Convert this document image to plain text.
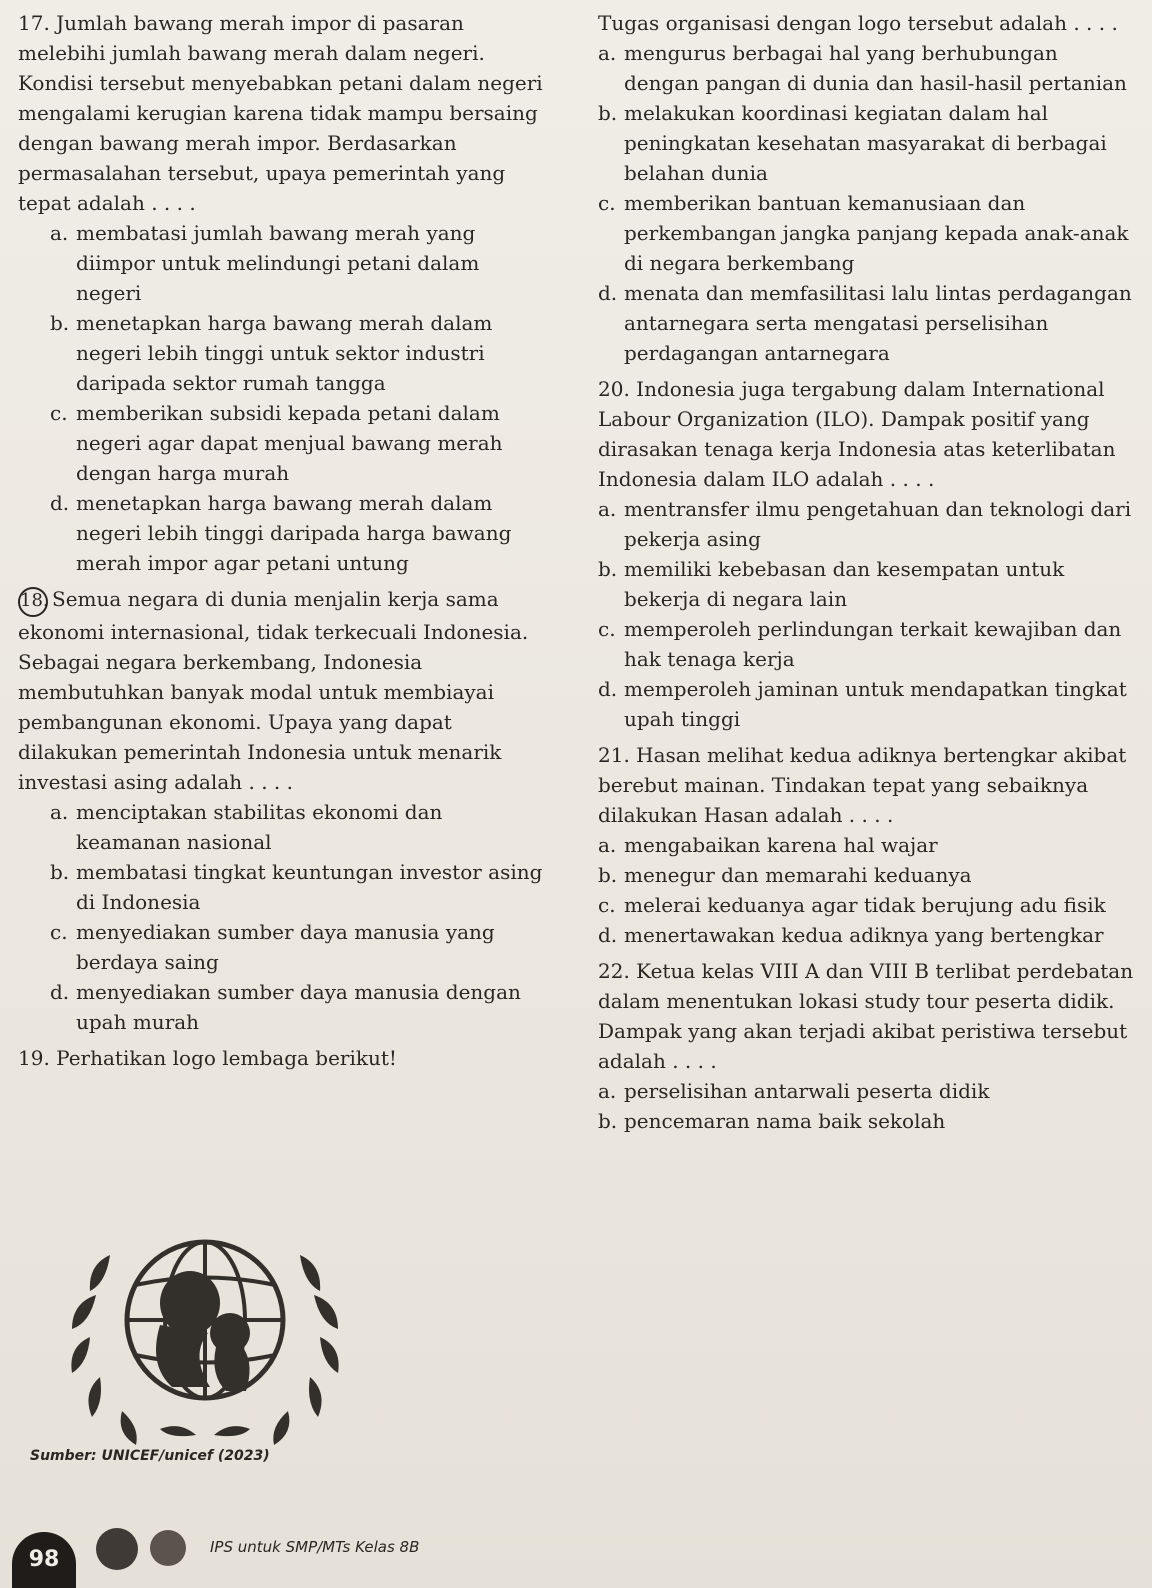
17. Jumlah bawang merah impor di pasaran melebihi jumlah bawang merah dalam negeri. Kondisi tersebut menyebabkan petani dalam negeri mengalami kerugian karena tidak mampu bersaing dengan bawang merah impor. Berdasarkan permasalahan tersebut, upaya pemerintah yang tepat adalah . . . .
a. membatasi jumlah bawang merah yang diimpor untuk melindungi petani dalam negeri
b. menetapkan harga bawang merah dalam negeri lebih tinggi untuk sektor industri daripada sektor rumah tangga
c. memberikan subsidi kepada petani dalam negeri agar dapat menjual bawang merah dengan harga murah
d. menetapkan harga bawang merah dalam negeri lebih tinggi daripada harga bawang merah impor agar petani untung
18. Semua negara di dunia menjalin kerja sama ekonomi internasional, tidak terkecuali Indonesia. Sebagai negara berkembang, Indonesia membutuhkan banyak modal untuk membiayai pembangunan ekonomi. Upaya yang dapat dilakukan pemerintah Indonesia untuk menarik investasi asing adalah . . . .
a. menciptakan stabilitas ekonomi dan keamanan nasional
b. membatasi tingkat keuntungan investor asing di Indonesia
c. menyediakan sumber daya manusia yang berdaya saing
d. menyediakan sumber daya manusia dengan upah murah
19. Perhatikan logo lembaga berikut!
Sumber: UNICEF/unicef (2023)
Tugas organisasi dengan logo tersebut adalah . . . .
a. mengurus berbagai hal yang berhubungan dengan pangan di dunia dan hasil-hasil pertanian
b. melakukan koordinasi kegiatan dalam hal peningkatan kesehatan masyarakat di berbagai belahan dunia
c. memberikan bantuan kemanusiaan dan perkembangan jangka panjang kepada anak-anak di negara berkembang
d. menata dan memfasilitasi lalu lintas perdagangan antarnegara serta mengatasi perselisihan perdagangan antarnegara
20. Indonesia juga tergabung dalam International Labour Organization (ILO). Dampak positif yang dirasakan tenaga kerja Indonesia atas keterlibatan Indonesia dalam ILO adalah . . . .
a. mentransfer ilmu pengetahuan dan teknologi dari pekerja asing
b. memiliki kebebasan dan kesempatan untuk bekerja di negara lain
c. memperoleh perlindungan terkait kewajiban dan hak tenaga kerja
d. memperoleh jaminan untuk mendapatkan tingkat upah tinggi
21. Hasan melihat kedua adiknya bertengkar akibat berebut mainan. Tindakan tepat yang sebaiknya dilakukan Hasan adalah . . . .
a. mengabaikan karena hal wajar
b. menegur dan memarahi keduanya
c. melerai keduanya agar tidak berujung adu fisik
d. menertawakan kedua adiknya yang bertengkar
22. Ketua kelas VIII A dan VIII B terlibat perdebatan dalam menentukan lokasi study tour peserta didik. Dampak yang akan terjadi akibat peristiwa tersebut adalah . . . .
a. perselisihan antarwali peserta didik
b. pencemaran nama baik sekolah
98	IPS untuk SMP/MTs Kelas 8B
